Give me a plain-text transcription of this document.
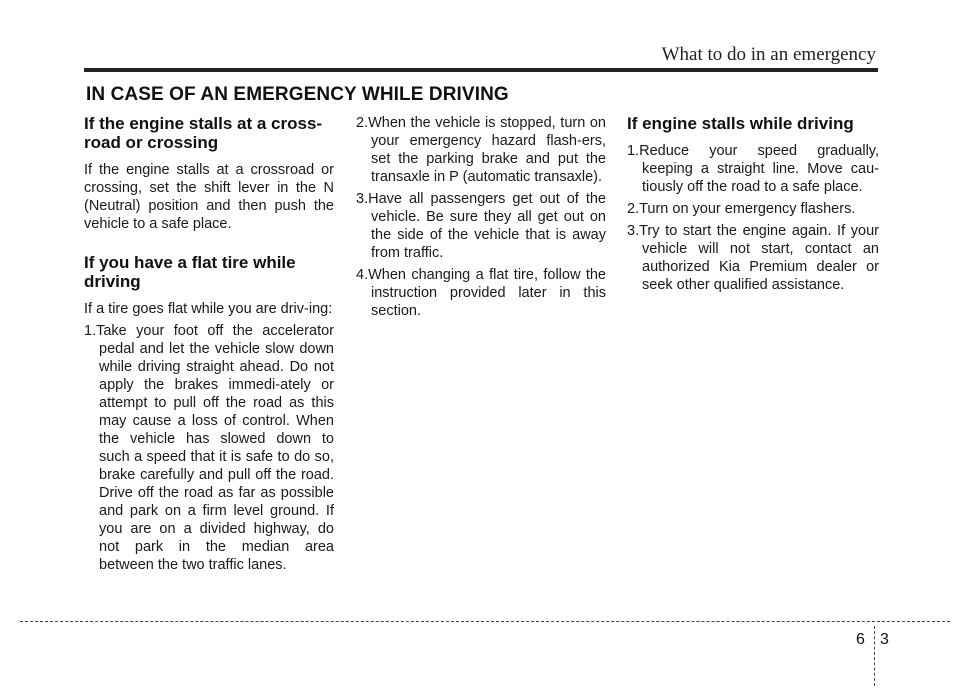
What to do in an emergency
IN CASE OF AN EMERGENCY WHILE DRIVING
If the engine stalls at a cross-road or crossing

If the engine stalls at a crossroad or crossing, set the shift lever in the N (Neutral) position and then push the vehicle to a safe place.

If you have a flat tire while driving

If a tire goes flat while you are driv-ing:

1.Take your foot off the accelerator pedal and let the vehicle slow down while driving straight ahead. Do not apply the brakes immedi-ately or attempt to pull off the road as this may cause a loss of control. When the vehicle has slowed down to such a speed that it is safe to do so, brake carefully and pull off the road. Drive off the road as far as possible and park on a firm level ground. If you are on a divided highway, do not park in the median area between the two traffic lanes.
2.When the vehicle is stopped, turn on your emergency hazard flash-ers, set the parking brake and put the transaxle in P (automatic transaxle).
3.Have all passengers get out of the vehicle. Be sure they all get out on the side of the vehicle that is away from traffic.
4.When changing a flat tire, follow the instruction provided later in this section.
If engine stalls while driving
1.Reduce your speed gradually, keeping a straight line. Move cau-tiously off the road to a safe place.
2.Turn on your emergency flashers.
3.Try to start the engine again. If your vehicle will not start, contact an authorized Kia Premium dealer or seek other qualified assistance.
6 3
